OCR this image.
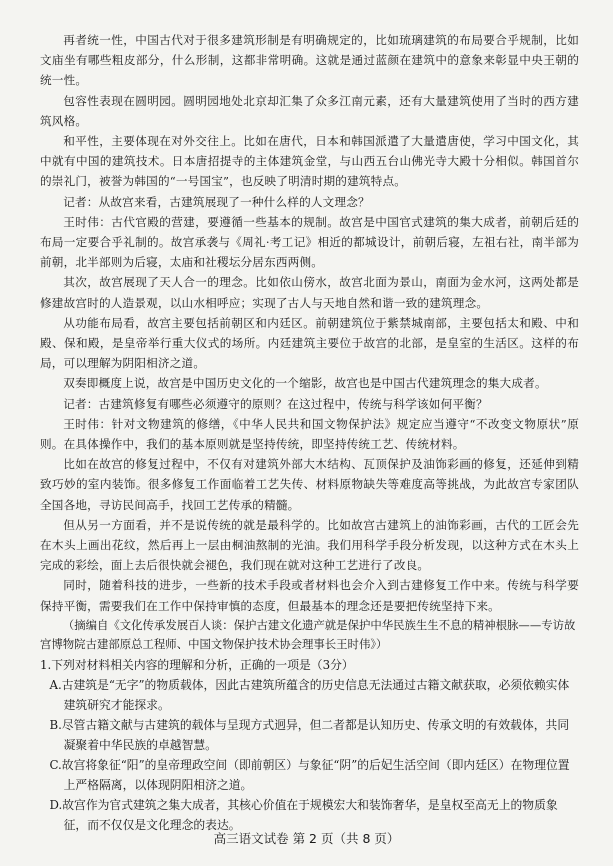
再者统一性，中国古代对于很多建筑形制是有明确规定的，比如琉璃建筑的布局要合乎规制，比如文庙坐有哪些粗皮部分，什么形制，这都非常明确。这就是通过蓝颜在建筑中的意象来彰显中央王朝的统一性。

包容性表现在圆明园。圆明园地处北京却汇集了众多江南元素，还有大量建筑使用了当时的西方建筑风格。

和平性，主要体现在对外交往上。比如在唐代，日本和韩国派遣了大量遣唐使，学习中国文化，其中就有中国的建筑技术。日本唐招提寺的主体建筑金堂，与山西五台山佛光寺大殿十分相似。韩国首尔的崇礼门，被誉为韩国的“一号国宝”，也反映了明清时期的建筑特点。

记者：从故宫来看，古建筑展现了一种什么样的人文理念？

王时伟：古代官殿的营建，要遵循一些基本的规制。故宫是中国官式建筑的集大成者，前朝后廷的布局一定要合乎礼制的。故宫承袭与《周礼·考工记》相近的都城设计，前朝后寝，左祖右社，南半部为前朝，北半部则为后寝，太庙和社稷坛分居东西两侧。

其次，故宫展现了天人合一的理念。比如依山傍水，故宫北面为景山，南面为金水河，这两处都是修建故宫时的人造景观，以山水相呼应；实现了古人与天地自然和谐一致的建筑理念。

从功能布局看，故宫主要包括前朝区和内廷区。前朝建筑位于紫禁城南部，主要包括太和殿、中和殿、保和殿，是皇帝举行重大仪式的场所。内廷建筑主要位于故宫的北部，是皇室的生活区。这样的布局，可以理解为阴阳相济之道。

双奏即概度上说，故宫是中国历史文化的一个缩影，故宫也是中国古代建筑理念的集大成者。

记者：古建筑修复有哪些必须遵守的原则？在这过程中，传统与科学该如何平衡？

王时伟：针对文物建筑的修缮，《中华人民共和国文物保护法》规定应当遵守“不改变文物原状”原则。在具体操作中，我们的基本原则就是坚持传统，即坚持传统工艺、传统材料。

比如在故宫的修复过程中，不仅有对建筑外部大木结构、瓦顶保护及油饰彩画的修复，还延伸到精致巧妙的室内装饰。很多修复工作面临着工艺失传、材料原物缺失等难度高等挑战，为此故宫专家团队全国各地，寻访民间高手，找回工艺传承的精髓。

但从另一方面看，并不是说传统的就是最科学的。比如故宫古建筑上的油饰彩画，古代的工匠会先在木头上画出花纹，然后再上一层由桐油熬制的光油。我们用科学手段分析发现，以这种方式在木头上完成的彩绘，面上去后很快就会褪色，我们现在就对这种工艺进行了改良。

同时，随着科技的进步，一些新的技术手段或者材料也会介入到古建修复工作中来。传统与科学要保持平衡，需要我们在工作中保持审慎的态度，但最基本的理念还是要把传统坚持下来。

（摘编自《文化传承发展百人谈：保护古建文化遗产就是保护中华民族生生不息的精神根脉——专访故宫博物院古建部原总工程师、中国文物保护技术协会理事长王时伟》）

1.下列对材料相关内容的理解和分析，正确的一项是（3分）

A.古建筑是“无字”的物质载体，因此古建筑所蕴含的历史信息无法通过古籍文献获取，必须依赖实体建筑研究才能探求。

B.尽管古籍文献与古建筑的载体与呈现方式迥异，但二者都是认知历史、传承文明的有效载体，共同凝聚着中华民族的卓越智慧。

C.故宫将象征“阳”的皇帝理政空间（即前朝区）与象征“阴”的后妃生活空间（即内廷区）在物理位置上严格隔离，以体现阴阳相济之道。

D.故宫作为官式建筑之集大成者，其核心价值在于规模宏大和装饰奢华，是皇权至高无上的物质象征，而不仅仅是文化理念的表达。

高三语文试卷 第 2 页（共 8 页）
